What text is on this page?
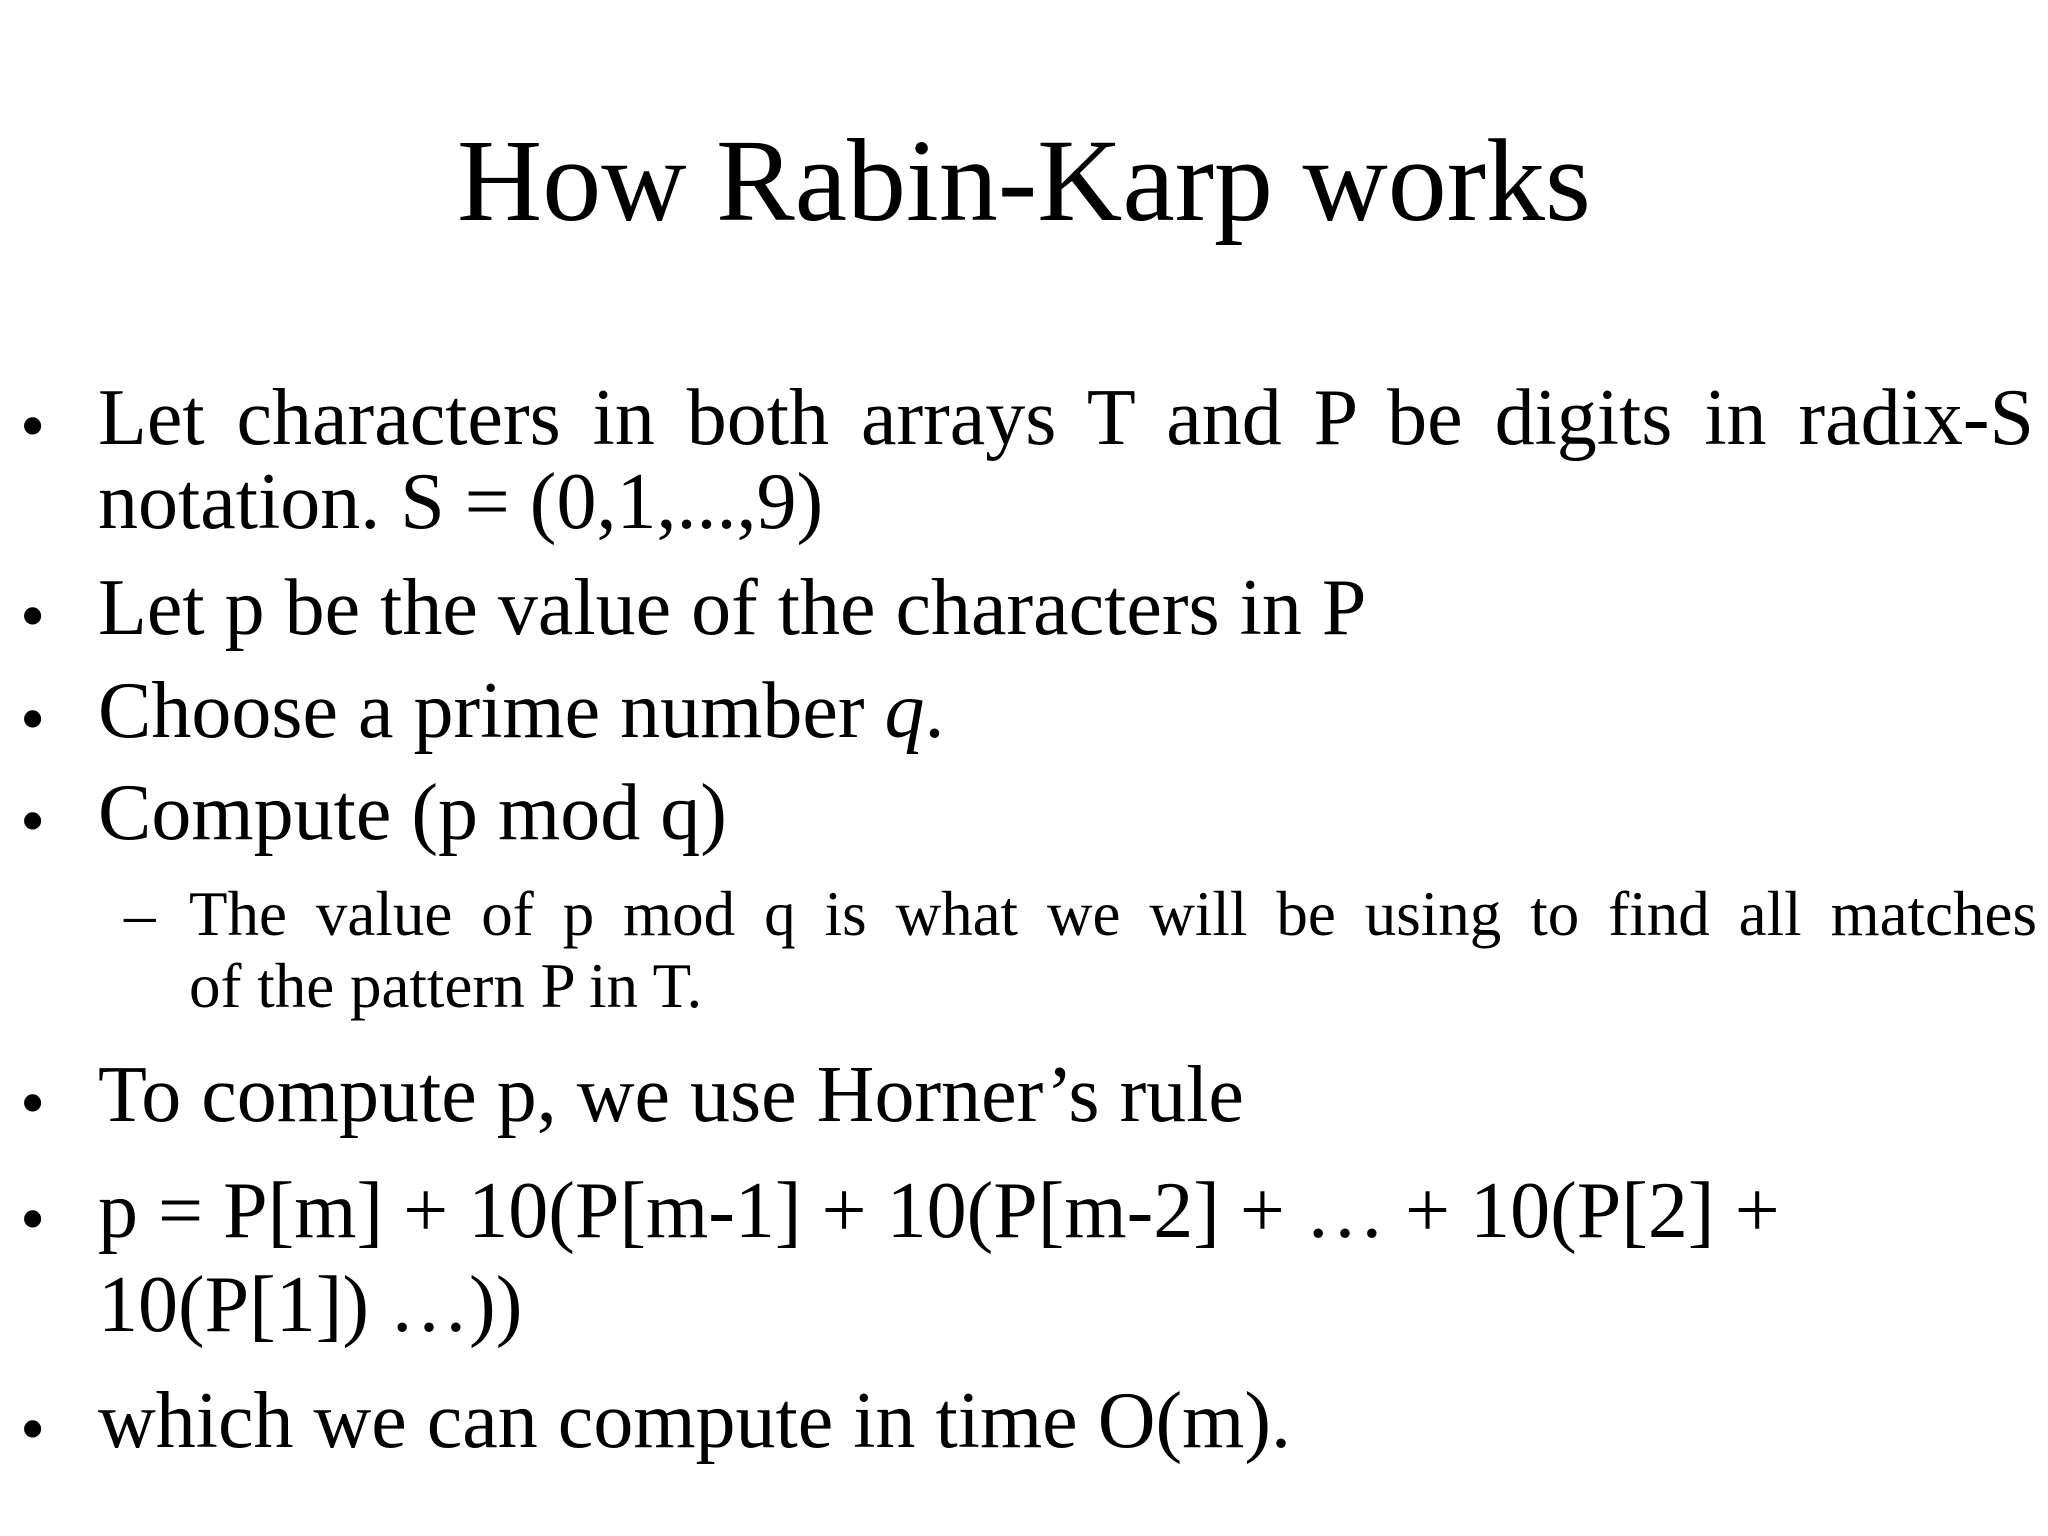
How Rabin-Karp works
• Let characters in both arrays T and P be digits in radix-S
notation. S = (0,1,...,9)
• Let p be the value of the characters in P
• Choose a prime number q.
• Compute (p mod q)
– The value of p mod q is what we will be using to find all matches
of the pattern P in T.
• To compute p, we use Horner’s rule
• p = P[m] + 10(P[m-1] + 10(P[m-2] + … + 10(P[2] +
10(P[1]) …))
• which we can compute in time O(m).
